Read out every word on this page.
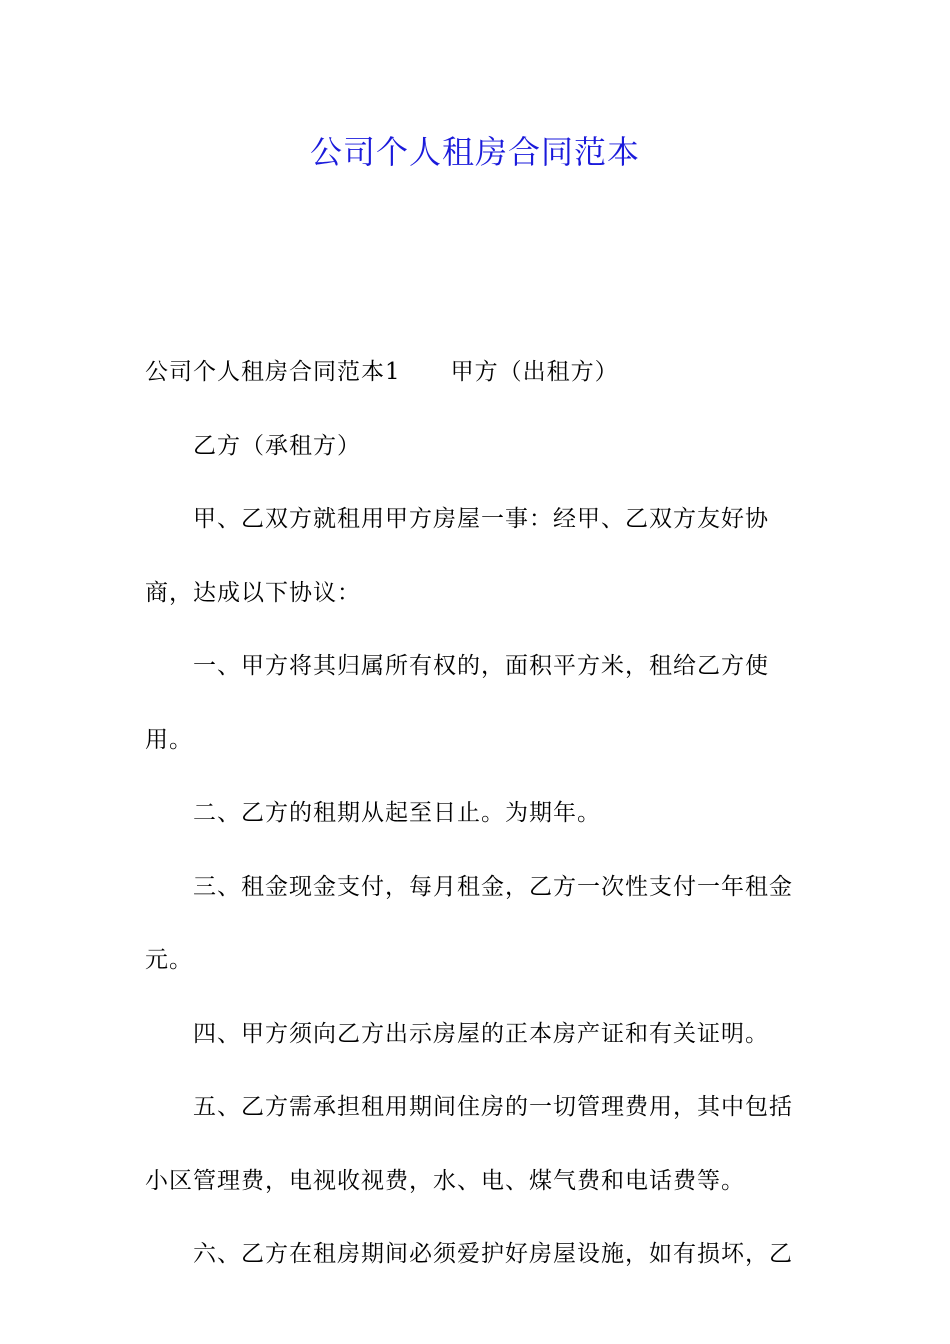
公司个人租房合同范本

公司个人租房合同范本1 甲方（出租方）

乙方（承租方）

甲、乙双方就租用甲方房屋一事：经甲、乙双方友好协商，达成以下协议：

一、甲方将其归属所有权的，面积平方米，租给乙方使用。

二、乙方的租期从起至日止。为期年。

三、租金现金支付，每月租金，乙方一次性支付一年租金元。

四、甲方须向乙方出示房屋的正本房产证和有关证明。

五、乙方需承担租用期间住房的一切管理费用，其中包括小区管理费，电视收视费，水、电、煤气费和电话费等。

六、乙方在租房期间必须爱护好房屋设施，如有损坏，乙
